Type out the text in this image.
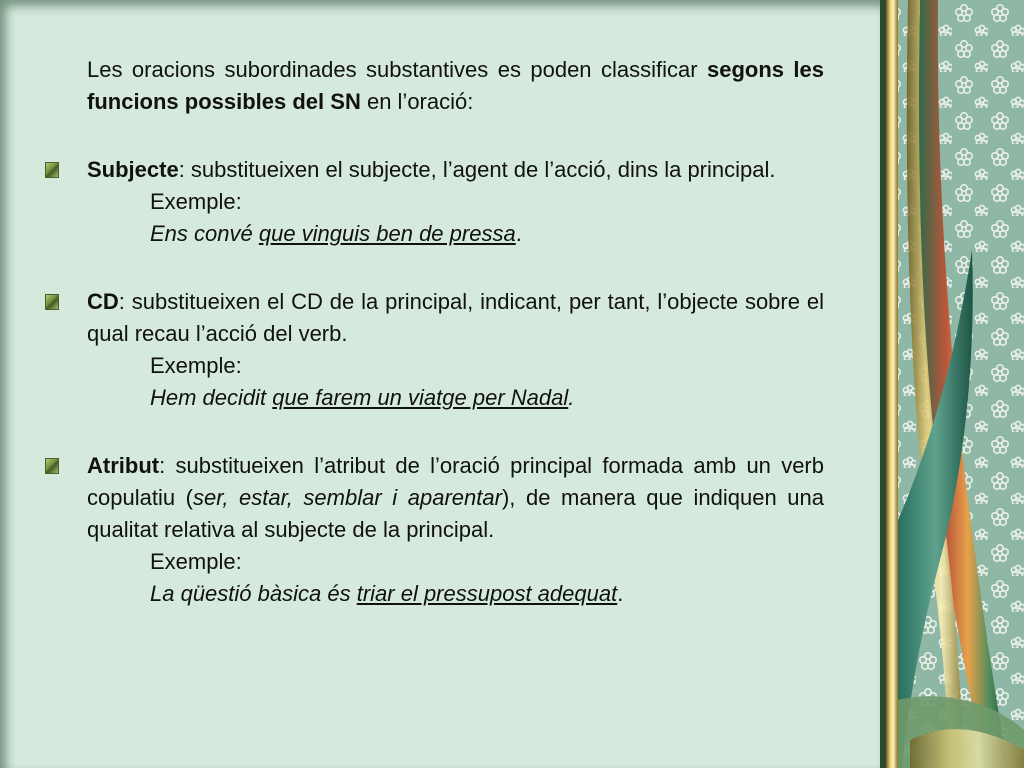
Les oracions subordinades substantives es poden classificar segons les funcions possibles del SN en l’oració:

Subjecte: substitueixen el subjecte, l’agent de l’acció, dins la principal.

Exemple:

Ens convé que vinguis ben de pressa.

CD: substitueixen el CD de la principal, indicant, per tant, l’objecte sobre el qual recau l’acció del verb.

Exemple:

Hem decidit que farem un viatge per Nadal.

Atribut: substitueixen l’atribut de l’oració principal formada amb un verb copulatiu (ser, estar, semblar i aparentar), de manera que indiquen una qualitat relativa al subjecte de la principal.

Exemple:

La qüestió bàsica és triar el pressupost adequat.
